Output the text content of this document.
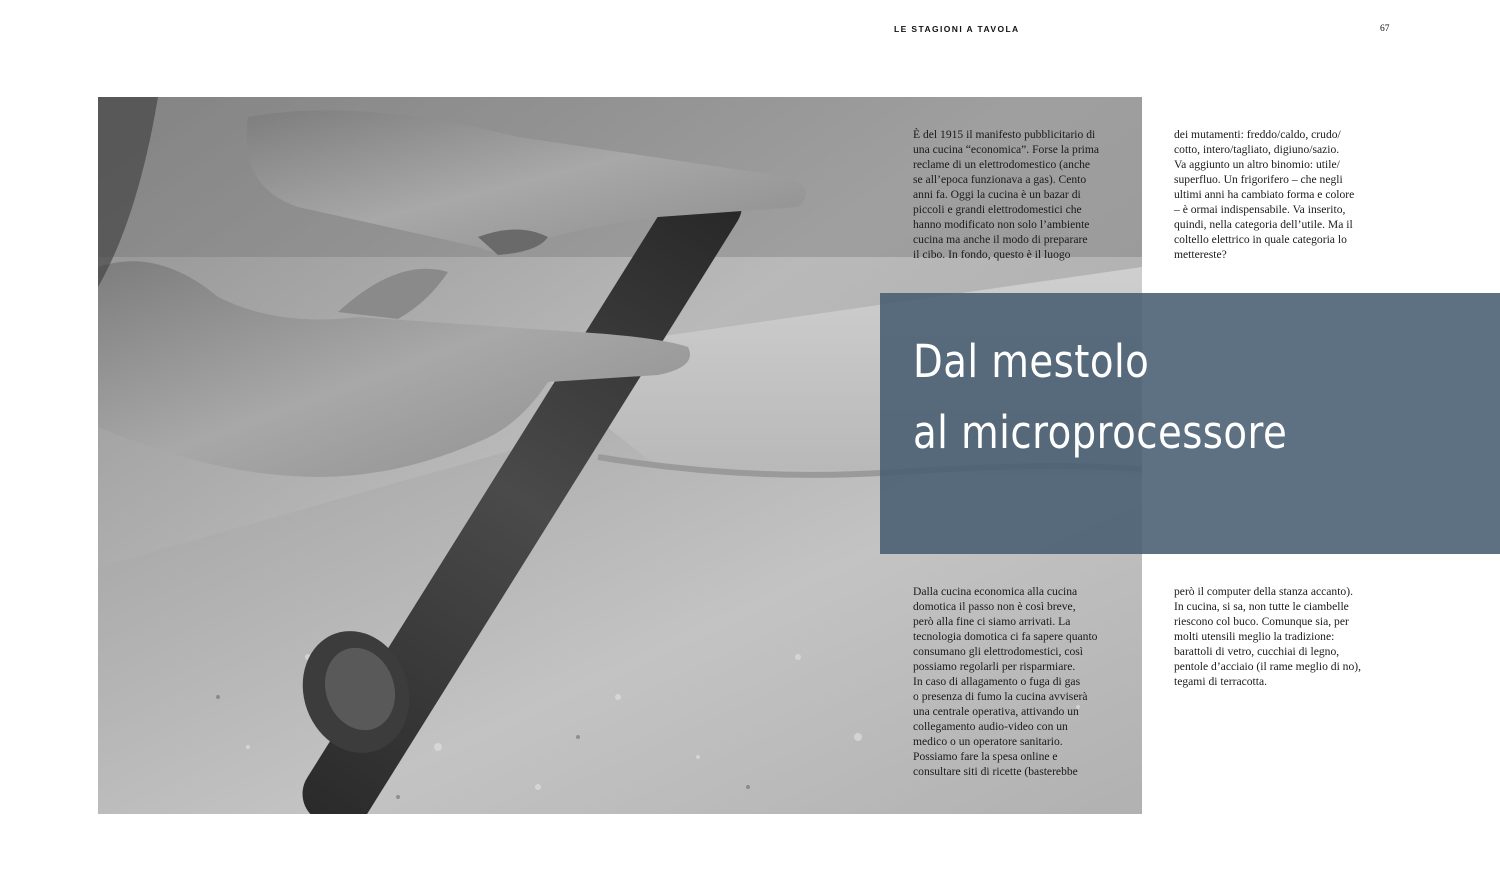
LE STAGIONI A TAVOLA	67
Dal mestolo
al microprocessore
È del 1915 il manifesto pubblicitario di
una cucina “economica”. Forse la prima
reclame di un elettrodomestico (anche
se all’epoca funzionava a gas). Cento
anni fa. Oggi la cucina è un bazar di
piccoli e grandi elettrodomestici che
hanno modificato non solo l’ambiente
cucina ma anche il modo di preparare
il cibo. In fondo, questo è il luogo
dei mutamenti: freddo/caldo, crudo/
cotto, intero/tagliato, digiuno/sazio.
Va aggiunto un altro binomio: utile/
superfluo. Un frigorifero – che negli
ultimi anni ha cambiato forma e colore
– è ormai indispensabile. Va inserito,
quindi, nella categoria dell’utile. Ma il
coltello elettrico in quale categoria lo
mettereste?
Dalla cucina economica alla cucina
domotica il passo non è così breve,
però alla fine ci siamo arrivati. La
tecnologia domotica ci fa sapere quanto
consumano gli elettrodomestici, così
possiamo regolarli per risparmiare.
In caso di allagamento o fuga di gas
o presenza di fumo la cucina avviserà
una centrale operativa, attivando un
collegamento audio-video con un
medico o un operatore sanitario.
Possiamo fare la spesa online e
consultare siti di ricette (basterebbe
però il computer della stanza accanto).
In cucina, si sa, non tutte le ciambelle
riescono col buco. Comunque sia, per
molti utensili meglio la tradizione:
barattoli di vetro, cucchiai di legno,
pentole d’acciaio (il rame meglio di no),
tegami di terracotta.
